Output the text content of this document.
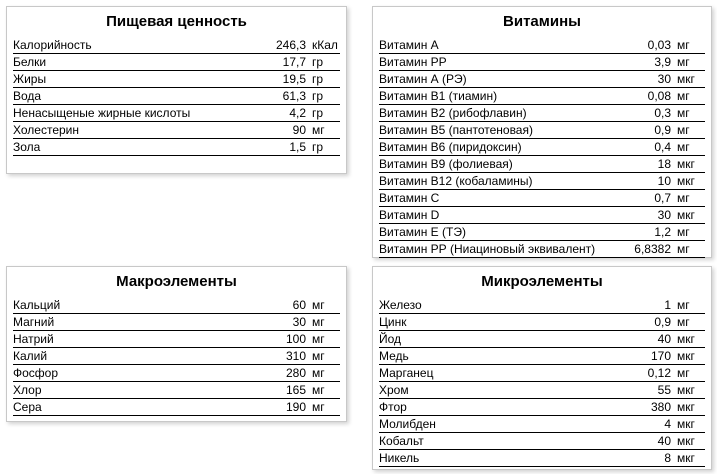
Пищевая ценность
Калорийность	246,3 кКал
Белки	17,7 гр
Жиры	19,5 гр
Вода	61,3 гр
Ненасыщеные жирные кислоты	4,2 гр
Холестерин	90 мг
Зола	1,5 гр
Витамины
Витамин А	0,03 мг
Витамин РР	3,9 мг
Витамин А (РЭ)	30 мкг
Витамин В1 (тиамин)	0,08 мг
Витамин В2 (рибофлавин)	0,3 мг
Витамин В5 (пантотеновая)	0,9 мг
Витамин В6 (пиридоксин)	0,4 мг
Витамин В9 (фолиевая)	18 мкг
Витамин В12 (кобаламины)	10 мкг
Витамин С	0,7 мг
Витамин D	30 мкг
Витамин Е (ТЭ)	1,2 мг
Витамин РР (Ниациновый эквивалент)	6,8382 мг
Макроэлементы
Кальций	60 мг
Магний	30 мг
Натрий	100 мг
Калий	310 мг
Фосфор	280 мг
Хлор	165 мг
Сера	190 мг
Микроэлементы
Железо	1 мг
Цинк	0,9 мг
Йод	40 мкг
Медь	170 мкг
Марганец	0,12 мг
Хром	55 мкг
Фтор	380 мкг
Молибден	4 мкг
Кобальт	40 мкг
Никель	8 мкг
